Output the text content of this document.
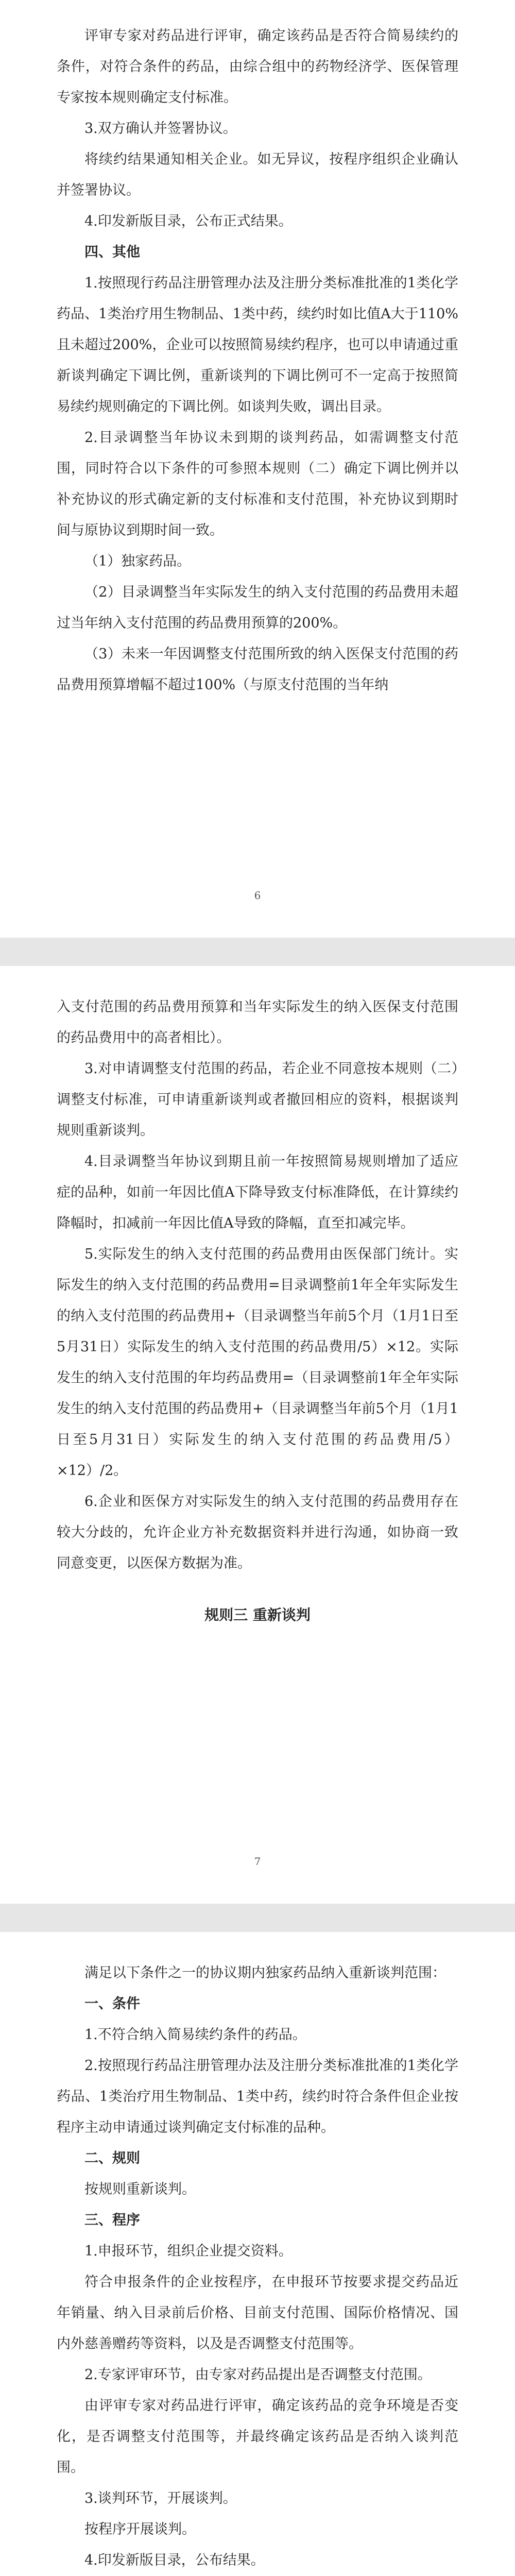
评审专家对药品进行评审，确定该药品是否符合简易续约的条件，对符合条件的药品，由综合组中的药物经济学、医保管理专家按本规则确定支付标准。

3.双方确认并签署协议。

将续约结果通知相关企业。如无异议，按程序组织企业确认并签署协议。

4.印发新版目录，公布正式结果。

四、其他

1.按照现行药品注册管理办法及注册分类标准批准的1类化学药品、1类治疗用生物制品、1类中药，续约时如比值A大于110%且未超过200%，企业可以按照简易续约程序，也可以申请通过重新谈判确定下调比例，重新谈判的下调比例可不一定高于按照简易续约规则确定的下调比例。如谈判失败，调出目录。

2.目录调整当年协议未到期的谈判药品，如需调整支付范围，同时符合以下条件的可参照本规则（二）确定下调比例并以补充协议的形式确定新的支付标准和支付范围，补充协议到期时间与原协议到期时间一致。

（1）独家药品。

（2）目录调整当年实际发生的纳入支付范围的药品费用未超过当年纳入支付范围的药品费用预算的200%。

（3）未来一年因调整支付范围所致的纳入医保支付范围的药品费用预算增幅不超过100%（与原支付范围的当年纳

6

入支付范围的药品费用预算和当年实际发生的纳入医保支付范围的药品费用中的高者相比）。

3.对申请调整支付范围的药品，若企业不同意按本规则（二）调整支付标准，可申请重新谈判或者撤回相应的资料，根据谈判规则重新谈判。

4.目录调整当年协议到期且前一年按照简易规则增加了适应症的品种，如前一年因比值A下降导致支付标准降低，在计算续约降幅时，扣减前一年因比值A导致的降幅，直至扣减完毕。

5.实际发生的纳入支付范围的药品费用由医保部门统计。实际发生的纳入支付范围的药品费用=目录调整前1年全年实际发生的纳入支付范围的药品费用+（目录调整当年前5个月（1月1日至5月31日）实际发生的纳入支付范围的药品费用/5）×12。实际发生的纳入支付范围的年均药品费用=（目录调整前1年全年实际发生的纳入支付范围的药品费用+（目录调整当年前5个月（1月1日至5月31日）实际发生的纳入支付范围的药品费用/5）×12）/2。

6.企业和医保方对实际发生的纳入支付范围的药品费用存在较大分歧的，允许企业方补充数据资料并进行沟通，如协商一致同意变更，以医保方数据为准。

规则三 重新谈判

7

满足以下条件之一的协议期内独家药品纳入重新谈判范围：

一、条件

1.不符合纳入简易续约条件的药品。

2.按照现行药品注册管理办法及注册分类标准批准的1类化学药品、1类治疗用生物制品、1类中药，续约时符合条件但企业按程序主动申请通过谈判确定支付标准的品种。

二、规则

按规则重新谈判。

三、程序

1.申报环节，组织企业提交资料。

符合申报条件的企业按程序，在申报环节按要求提交药品近年销量、纳入目录前后价格、目前支付范围、国际价格情况、国内外慈善赠药等资料，以及是否调整支付范围等。

2.专家评审环节，由专家对药品提出是否调整支付范围。

由评审专家对药品进行评审，确定该药品的竞争环境是否变化，是否调整支付范围等，并最终确定该药品是否纳入谈判范围。

3.谈判环节，开展谈判。

按程序开展谈判。

4.印发新版目录，公布结果。
